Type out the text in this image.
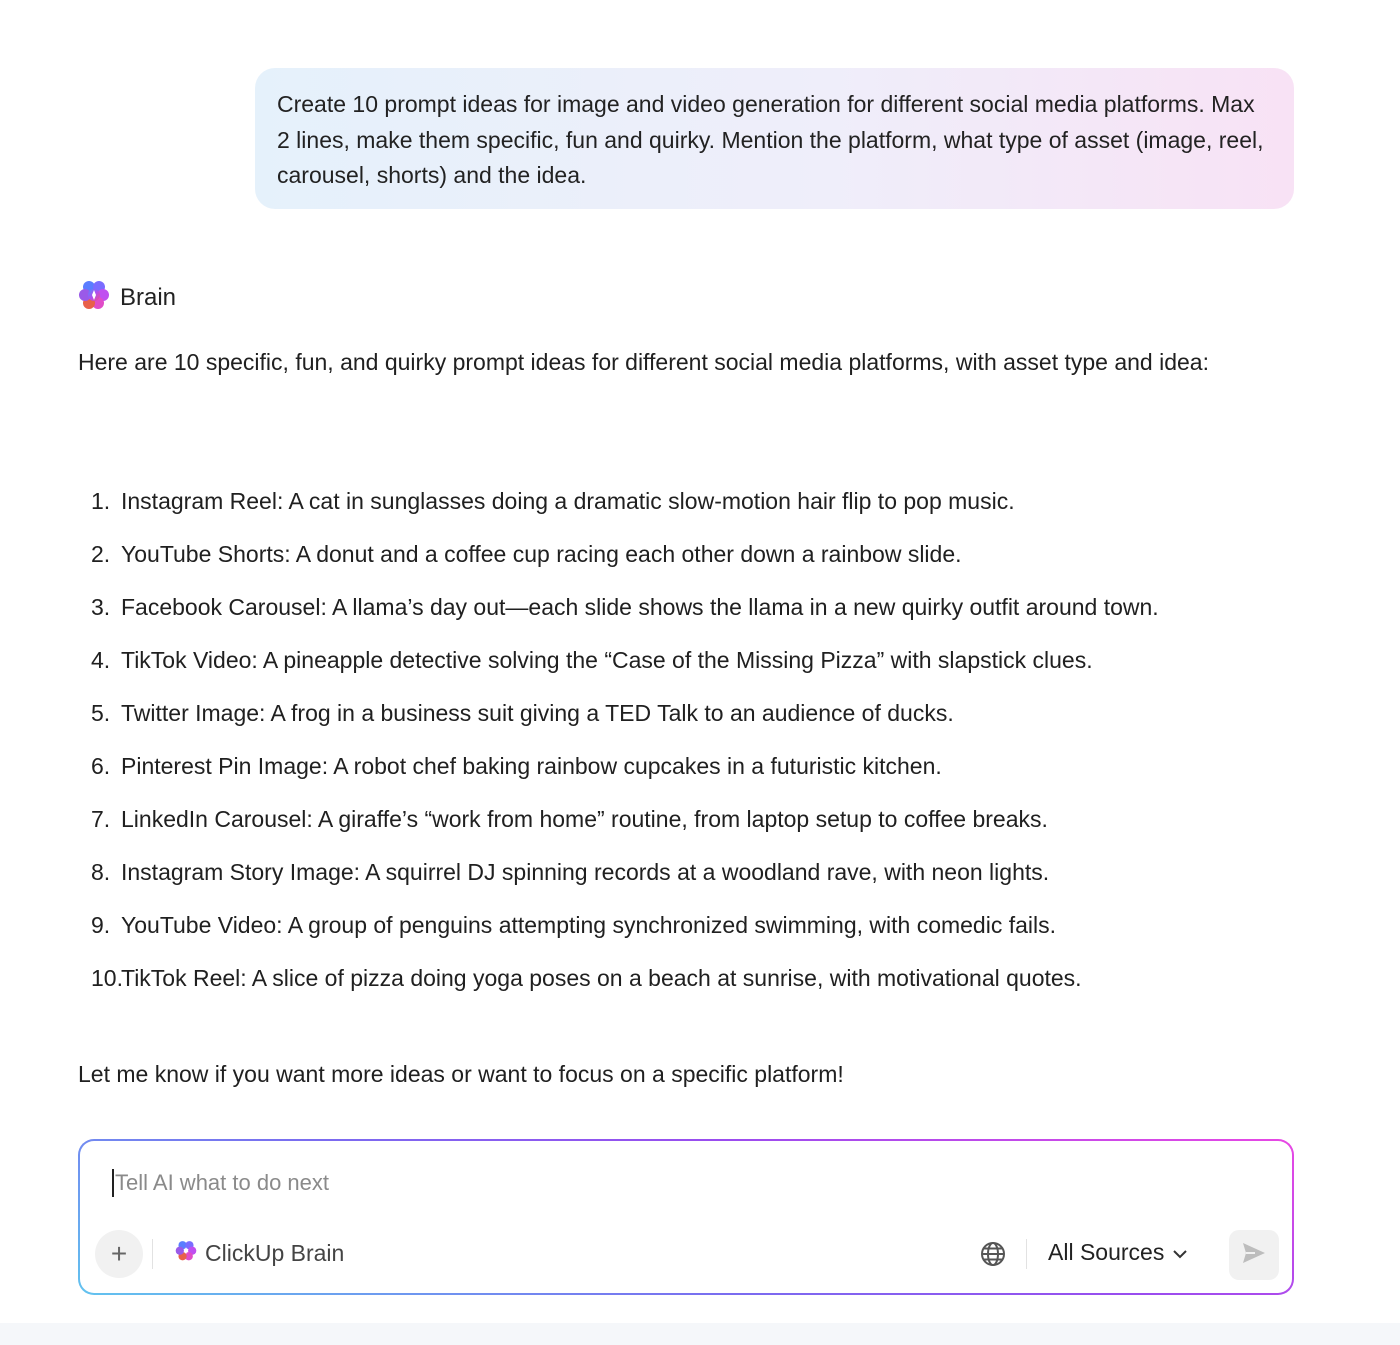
Create 10 prompt ideas for image and video generation for different social media platforms. Max 2 lines, make them specific, fun and quirky. Mention the platform, what type of asset (image, reel, carousel, shorts) and the idea.
Brain
Here are 10 specific, fun, and quirky prompt ideas for different social media platforms, with asset type and idea:
1. Instagram Reel: A cat in sunglasses doing a dramatic slow-motion hair flip to pop music.
2. YouTube Shorts: A donut and a coffee cup racing each other down a rainbow slide.
3. Facebook Carousel: A llama’s day out—each slide shows the llama in a new quirky outfit around town.
4. TikTok Video: A pineapple detective solving the “Case of the Missing Pizza” with slapstick clues.
5. Twitter Image: A frog in a business suit giving a TED Talk to an audience of ducks.
6. Pinterest Pin Image: A robot chef baking rainbow cupcakes in a futuristic kitchen.
7. LinkedIn Carousel: A giraffe’s “work from home” routine, from laptop setup to coffee breaks.
8. Instagram Story Image: A squirrel DJ spinning records at a woodland rave, with neon lights.
9. YouTube Video: A group of penguins attempting synchronized swimming, with comedic fails.
10.
TikTok Reel: A slice of pizza doing yoga poses on a beach at sunrise, with motivational quotes.
Let me know if you want more ideas or want to focus on a specific platform!
Tell AI what to do next
+	ClickUp Brain	All Sources
